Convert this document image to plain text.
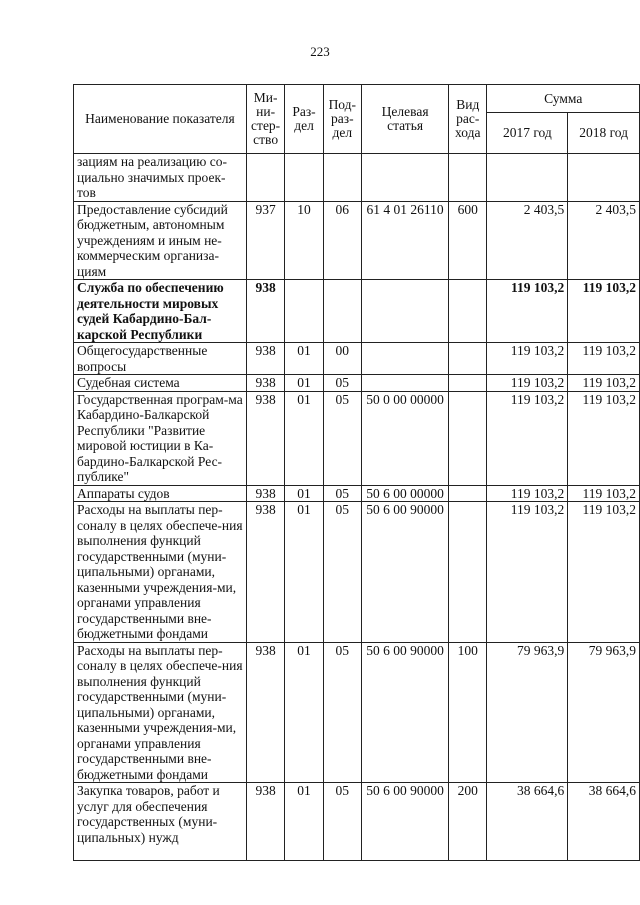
223
Наименование показателя	Ми-ни-стер-ство	Раз-дел	Под-раз-дел	Целевая статья	Вид рас-хода	Сумма	
						2017 год	2018 год
зациям на реализацию со-циально значимых проек-тов							
Предоставление субсидий бюджетным, автономным учреждениям и иным не-коммерческим организа-циям	937	10	06	61 4 01 26110	600	2 403,5	2 403,5
Служба по обеспечению деятельности мировых судей Кабардино-Бал-карской Республики	938					119 103,2	119 103,2
Общегосударственные вопросы	938	01	00			119 103,2	119 103,2
Судебная система	938	01	05			119 103,2	119 103,2
Государственная програм-ма Кабардино-Балкарской Республики "Развитие мировой юстиции в Ка-бардино-Балкарской Рес-публике"	938	01	05	50 0 00 00000		119 103,2	119 103,2
Аппараты судов	938	01	05	50 6 00 00000		119 103,2	119 103,2
Расходы на выплаты пер-соналу в целях обеспече-ния выполнения функций государственными (муни-ципальными) органами, казенными учреждения-ми, органами управления государственными вне-бюджетными фондами	938	01	05	50 6 00 90000		119 103,2	119 103,2
Расходы на выплаты пер-соналу в целях обеспече-ния выполнения функций государственными (муни-ципальными) органами, казенными учреждения-ми, органами управления государственными вне-бюджетными фондами	938	01	05	50 6 00 90000	100	79 963,9	79 963,9
Закупка товаров, работ и услуг для обеспечения государственных (муни-ципальных) нужд	938	01	05	50 6 00 90000	200	38 664,6	38 664,6
